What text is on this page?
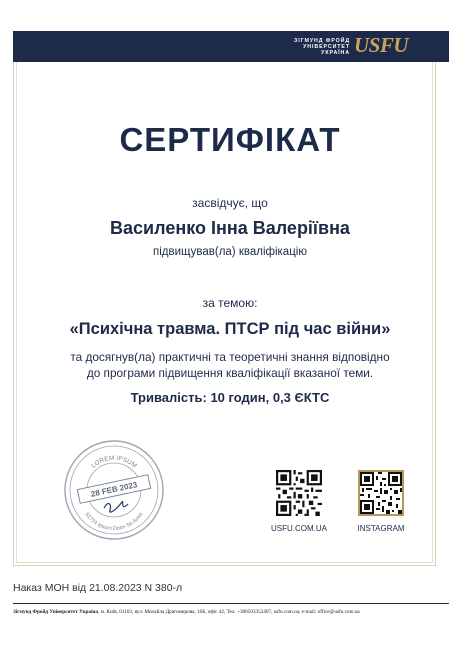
ЗІГМУНД ФРОЙД
УНІВЕРСИТЕТ
УКРАЇНА USFU
СЕРТИФІКАТ
засвідчує, що
Василенко Інна Валеріївна
підвищував(ла) кваліфікацію
за темою:
«Психічна травма. ПТСР під час війни»
та досягнув(ла) практичні та теоретичні знання відповідно
до програми підвищення кваліфікації вказаної теми.
Тривалість: 10 годин, 0,3 ЄКТС
LOREM IPSUM
81724 Ipsum Dolor Sit Amet
28 FEB 2023
USFU.COM.UA	INSTAGRAM
Наказ МОН від 21.08.2023 N 380-л
Зігмунд Фройд Університет Україна, м. Київ, 01103, вул. Михайла Драгомирова, 16Б, офіс 42, Тел. +380503352407, usfu.com.ua, e-mail: office@usfu.com.ua
